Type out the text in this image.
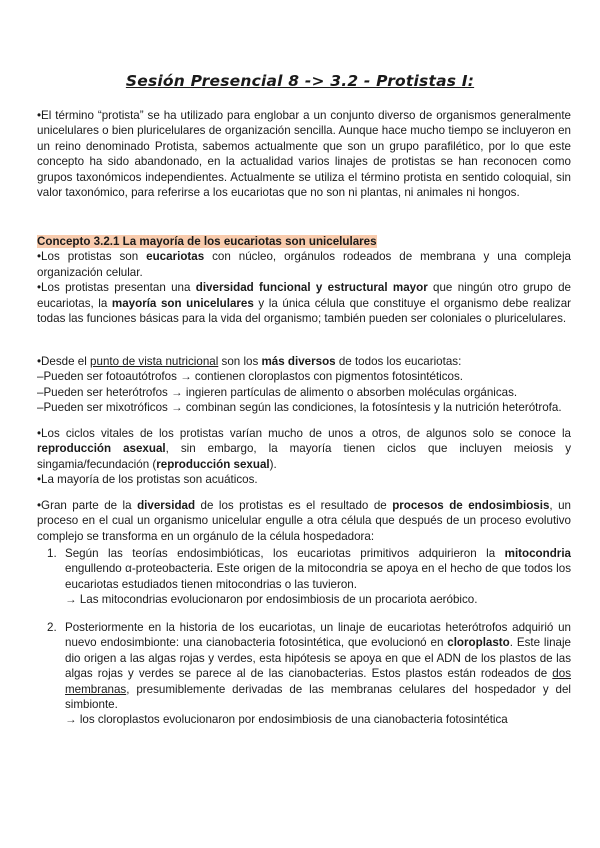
Sesión Presencial 8 -> 3.2 - Protistas I:

•El término “protista” se ha utilizado para englobar a un conjunto diverso de organismos generalmente unicelulares o bien pluricelulares de organización sencilla. Aunque hace mucho tiempo se incluyeron en un reino denominado Protista, sabemos actualmente que son un grupo parafilético, por lo que este concepto ha sido abandonado, en la actualidad varios linajes de protistas se han reconocen como grupos taxonómicos independientes. Actualmente se utiliza el término protista en sentido coloquial, sin valor taxonómico, para referirse a los eucariotas que no son ni plantas, ni animales ni hongos.

Concepto 3.2.1 La mayoría de los eucariotas son unicelulares

•Los protistas son eucariotas con núcleo, orgánulos rodeados de membrana y una compleja organización celular.

•Los protistas presentan una diversidad funcional y estructural mayor que ningún otro grupo de eucariotas, la mayoría son unicelulares y la única célula que constituye el organismo debe realizar todas las funciones básicas para la vida del organismo; también pueden ser coloniales o pluricelulares.

•Desde el punto de vista nutricional son los más diversos de todos los eucariotas:

–Pueden ser fotoautótrofos → contienen cloroplastos con pigmentos fotosintéticos.

–Pueden ser heterótrofos → ingieren partículas de alimento o absorben moléculas orgánicas.

–Pueden ser mixotróficos → combinan según las condiciones, la fotosíntesis y la nutrición heterótrofa.

•Los ciclos vitales de los protistas varían mucho de unos a otros, de algunos solo se conoce la reproducción asexual, sin embargo, la mayoría tienen ciclos que incluyen meiosis y singamia/fecundación (reproducción sexual).

•La mayoría de los protistas son acuáticos.

•Gran parte de la diversidad de los protistas es el resultado de procesos de endosimbiosis, un proceso en el cual un organismo unicelular engulle a otra célula que después de un proceso evolutivo complejo se transforma en un orgánulo de la célula hospedadora:

1. Según las teorías endosimbióticas, los eucariotas primitivos adquirieron la mitocondria engullendo α-proteobacteria. Este origen de la mitocondria se apoya en el hecho de que todos los eucariotas estudiados tienen mitocondrias o las tuvieron.

→ Las mitocondrias evolucionaron por endosimbiosis de un procariota aeróbico.

2. Posteriormente en la historia de los eucariotas, un linaje de eucariotas heterótrofos adquirió un nuevo endosimbionte: una cianobacteria fotosintética, que evolucionó en cloroplasto. Este linaje dio origen a las algas rojas y verdes, esta hipótesis se apoya en que el ADN de los plastos de las algas rojas y verdes se parece al de las cianobacterias. Estos plastos están rodeados de dos membranas, presumiblemente derivadas de las membranas celulares del hospedador y del simbionte.

→ los cloroplastos evolucionaron por endosimbiosis de una cianobacteria fotosintética
